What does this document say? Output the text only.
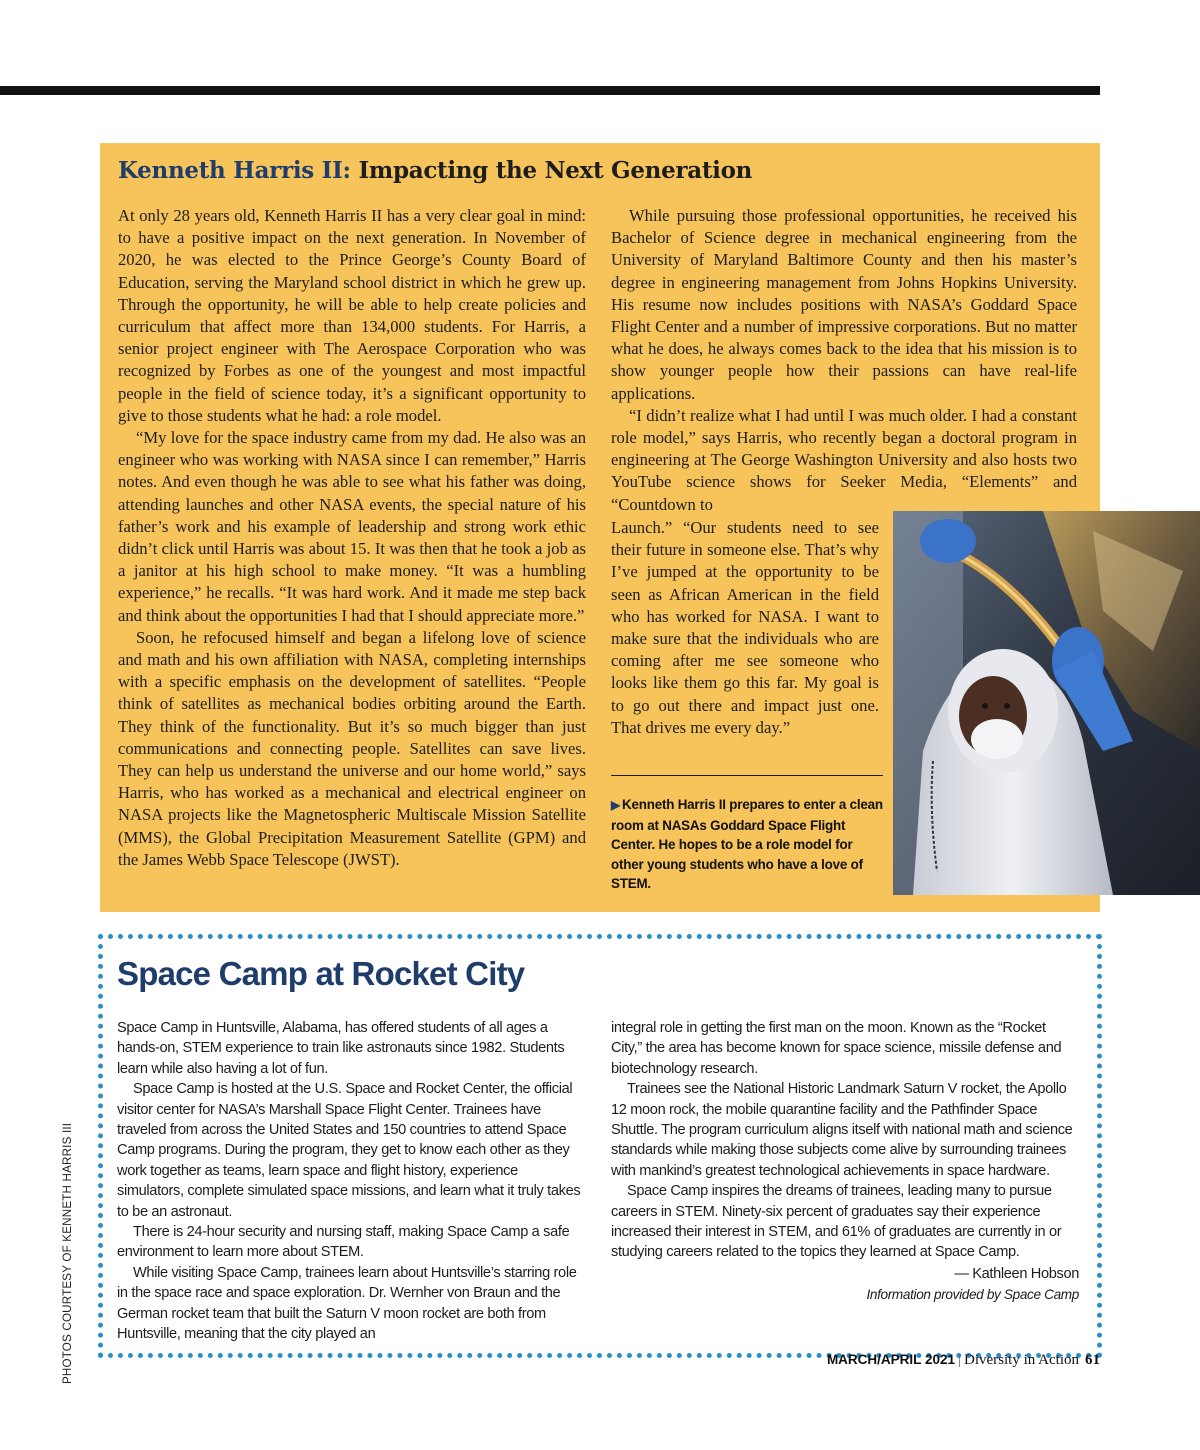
Kenneth Harris II: Impacting the Next Generation

At only 28 years old, Kenneth Harris II has a very clear goal in mind: to have a positive impact on the next generation. In November of 2020, he was elected to the Prince George’s County Board of Education, serving the Maryland school district in which he grew up. Through the opportunity, he will be able to help create policies and curriculum that affect more than 134,000 students. For Harris, a senior project engineer with The Aerospace Corporation who was recognized by Forbes as one of the youngest and most impactful people in the field of science today, it’s a significant opportunity to give to those students what he had: a role model.

“My love for the space industry came from my dad. He also was an engineer who was working with NASA since I can remember,” Harris notes. And even though he was able to see what his father was doing, attending launches and other NASA events, the special nature of his father’s work and his example of leadership and strong work ethic didn’t click until Harris was about 15. It was then that he took a job as a janitor at his high school to make money. “It was a humbling experience,” he recalls. “It was hard work. And it made me step back and think about the opportunities I had that I should appreciate more.”

Soon, he refocused himself and began a lifelong love of science and math and his own affiliation with NASA, completing internships with a specific emphasis on the development of satellites. “People think of satellites as mechanical bodies orbiting around the Earth. They think of the functionality. But it’s so much bigger than just communications and connecting people. Satellites can save lives. They can help us understand the universe and our home world,” says Harris, who has worked as a mechanical and electrical engineer on NASA projects like the Magnetospheric Multiscale Mission Satellite (MMS), the Global Precipitation Measurement Satellite (GPM) and the James Webb Space Telescope (JWST).

While pursuing those professional opportunities, he received his Bachelor of Science degree in mechanical engineering from the University of Maryland Baltimore County and then his master’s degree in engineering management from Johns Hopkins University. His resume now includes positions with NASA’s Goddard Space Flight Center and a number of impressive corporations. But no matter what he does, he always comes back to the idea that his mission is to show younger people how their passions can have real-life applications.

“I didn’t realize what I had until I was much older. I had a constant role model,” says Harris, who recently began a doctoral program in engineering at The George Washington University and also hosts two YouTube science shows for Seeker Media, “Elements” and “Countdown to

Launch.” “Our students need to see their future in someone else. That’s why I’ve jumped at the opportunity to be seen as African American in the field who has worked for NASA. I want to make sure that the individuals who are coming after me see someone who looks like them go this far. My goal is to go out there and impact just one. That drives me every day.”

▶ Kenneth Harris II prepares to enter a clean room at NASAs Goddard Space Flight Center. He hopes to be a role model for other young students who have a love of STEM.
Space Camp at Rocket City

Space Camp in Huntsville, Alabama, has offered students of all ages a hands-on, STEM experience to train like astronauts since 1982. Students learn while also having a lot of fun.

Space Camp is hosted at the U.S. Space and Rocket Center, the official visitor center for NASA’s Marshall Space Flight Center. Trainees have traveled from across the United States and 150 countries to attend Space Camp programs. During the program, they get to know each other as they work together as teams, learn space and flight history, experience simulators, complete simulated space missions, and learn what it truly takes to be an astronaut.

There is 24-hour security and nursing staff, making Space Camp a safe environment to learn more about STEM.

While visiting Space Camp, trainees learn about Huntsville’s starring role in the space race and space exploration. Dr. Wernher von Braun and the German rocket team that built the Saturn V moon rocket are both from Huntsville, meaning that the city played an

integral role in getting the first man on the moon. Known as the “Rocket City,” the area has become known for space science, missile defense and biotechnology research.

Trainees see the National Historic Landmark Saturn V rocket, the Apollo 12 moon rock, the mobile quarantine facility and the Pathfinder Space Shuttle. The program curriculum aligns itself with national math and science standards while making those subjects come alive by surrounding trainees with mankind’s greatest technological achievements in space hardware.

Space Camp inspires the dreams of trainees, leading many to pursue careers in STEM. Ninety-six percent of graduates say their experience increased their interest in STEM, and 61% of graduates are currently in or studying careers related to the topics they learned at Space Camp.

— Kathleen Hobson
Information provided by Space Camp
PHOTOS COURTESY OF KENNETH HARRIS III	MARCH/APRIL 2021 | Diversity in Action 61
